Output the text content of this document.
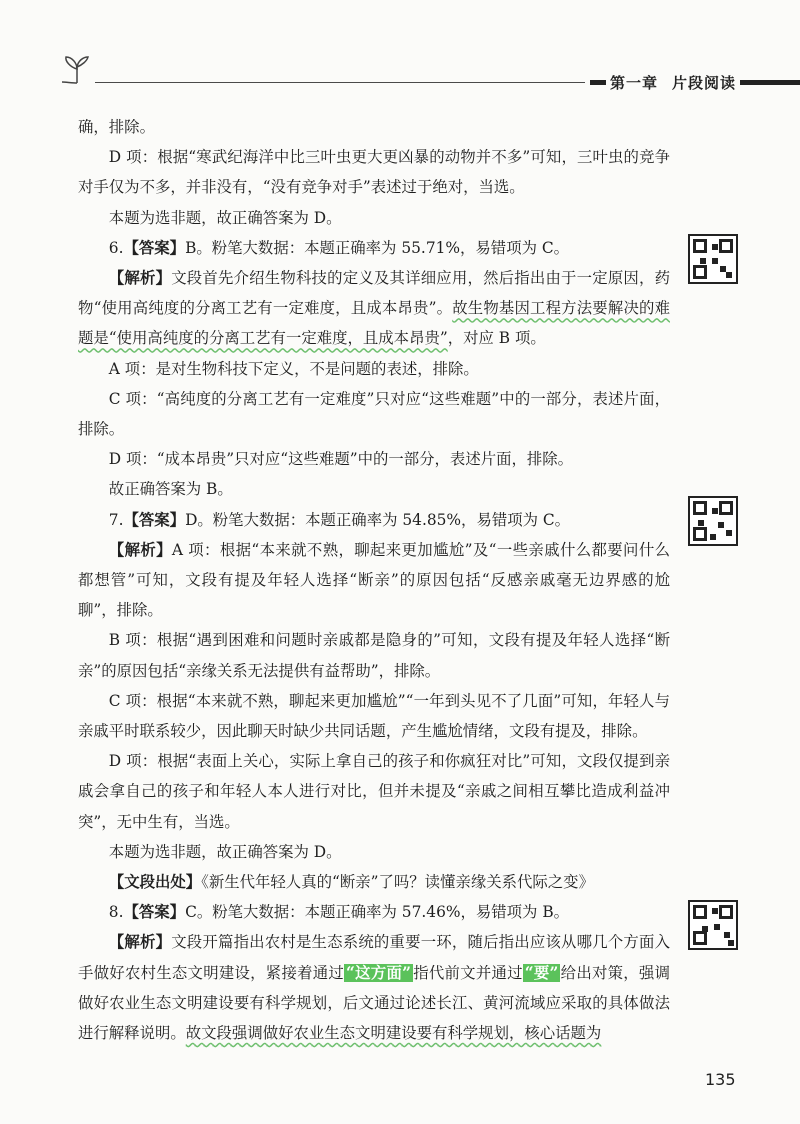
第一章 片段阅读

确，排除。

D 项：根据“寒武纪海洋中比三叶虫更大更凶暴的动物并不多”可知，三叶虫的竞争对手仅为不多，并非没有，“没有竞争对手”表述过于绝对，当选。

本题为选非题，故正确答案为 D。

6.【答案】B。粉笔大数据：本题正确率为 55.71%，易错项为 C。

【解析】文段首先介绍生物科技的定义及其详细应用，然后指出由于一定原因，药物“使用高纯度的分离工艺有一定难度，且成本昂贵”。故生物基因工程方法要解决的难题是“使用高纯度的分离工艺有一定难度，且成本昂贵”，对应 B 项。

A 项：是对生物科技下定义，不是问题的表述，排除。

C 项：“高纯度的分离工艺有一定难度”只对应“这些难题”中的一部分，表述片面，排除。

D 项：“成本昂贵”只对应“这些难题”中的一部分，表述片面，排除。

故正确答案为 B。

7.【答案】D。粉笔大数据：本题正确率为 54.85%，易错项为 C。

【解析】A 项：根据“本来就不熟，聊起来更加尴尬”及“一些亲戚什么都要问什么都想管”可知，文段有提及年轻人选择“断亲”的原因包括“反感亲戚毫无边界感的尬聊”，排除。

B 项：根据“遇到困难和问题时亲戚都是隐身的”可知，文段有提及年轻人选择“断亲”的原因包括“亲缘关系无法提供有益帮助”，排除。

C 项：根据“本来就不熟，聊起来更加尴尬”“一年到头见不了几面”可知，年轻人与亲戚平时联系较少，因此聊天时缺少共同话题，产生尴尬情绪，文段有提及，排除。

D 项：根据“表面上关心，实际上拿自己的孩子和你疯狂对比”可知，文段仅提到亲戚会拿自己的孩子和年轻人本人进行对比，但并未提及“亲戚之间相互攀比造成利益冲突”，无中生有，当选。

本题为选非题，故正确答案为 D。

【文段出处】《新生代年轻人真的“断亲”了吗？读懂亲缘关系代际之变》

8.【答案】C。粉笔大数据：本题正确率为 57.46%，易错项为 B。

【解析】文段开篇指出农村是生态系统的重要一环，随后指出应该从哪几个方面入手做好农村生态文明建设，紧接着通过 “这方面” 指代前文并通过 “要” 给出对策，强调做好农业生态文明建设要有科学规划，后文通过论述长江、黄河流域应采取的具体做法进行解释说明。故文段强调做好农业生态文明建设要有科学规划，核心话题为

135
